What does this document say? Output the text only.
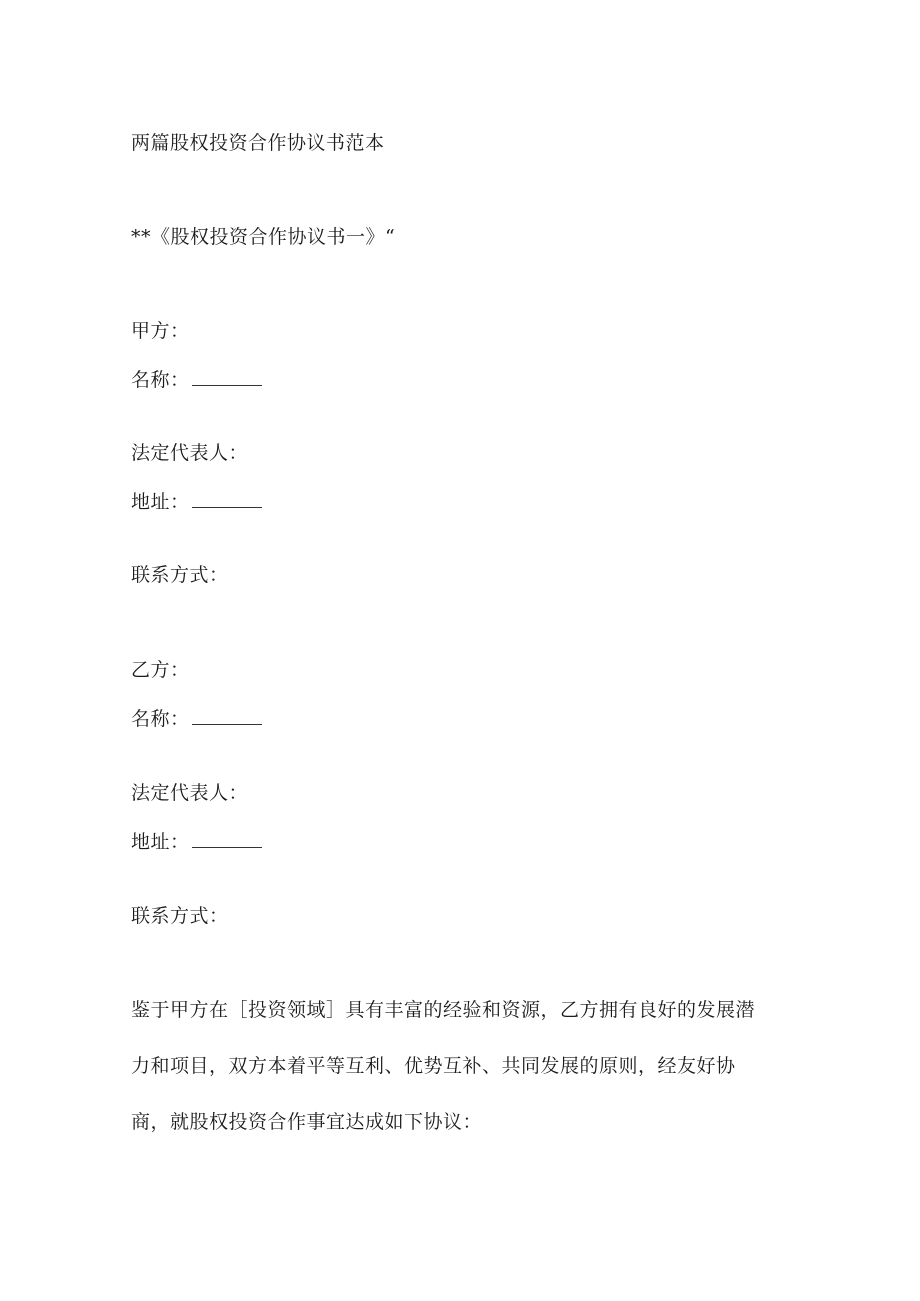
两篇股权投资合作协议书范本
**《股权投资合作协议书一》“
甲方：
名称：
法定代表人：
地址：
联系方式：
乙方：
名称：
法定代表人：
地址：
联系方式：
鉴于甲方在［投资领域］具有丰富的经验和资源，乙方拥有良好的发展潜
力和项目，双方本着平等互利、优势互补、共同发展的原则，经友好协
商，就股权投资合作事宜达成如下协议：
